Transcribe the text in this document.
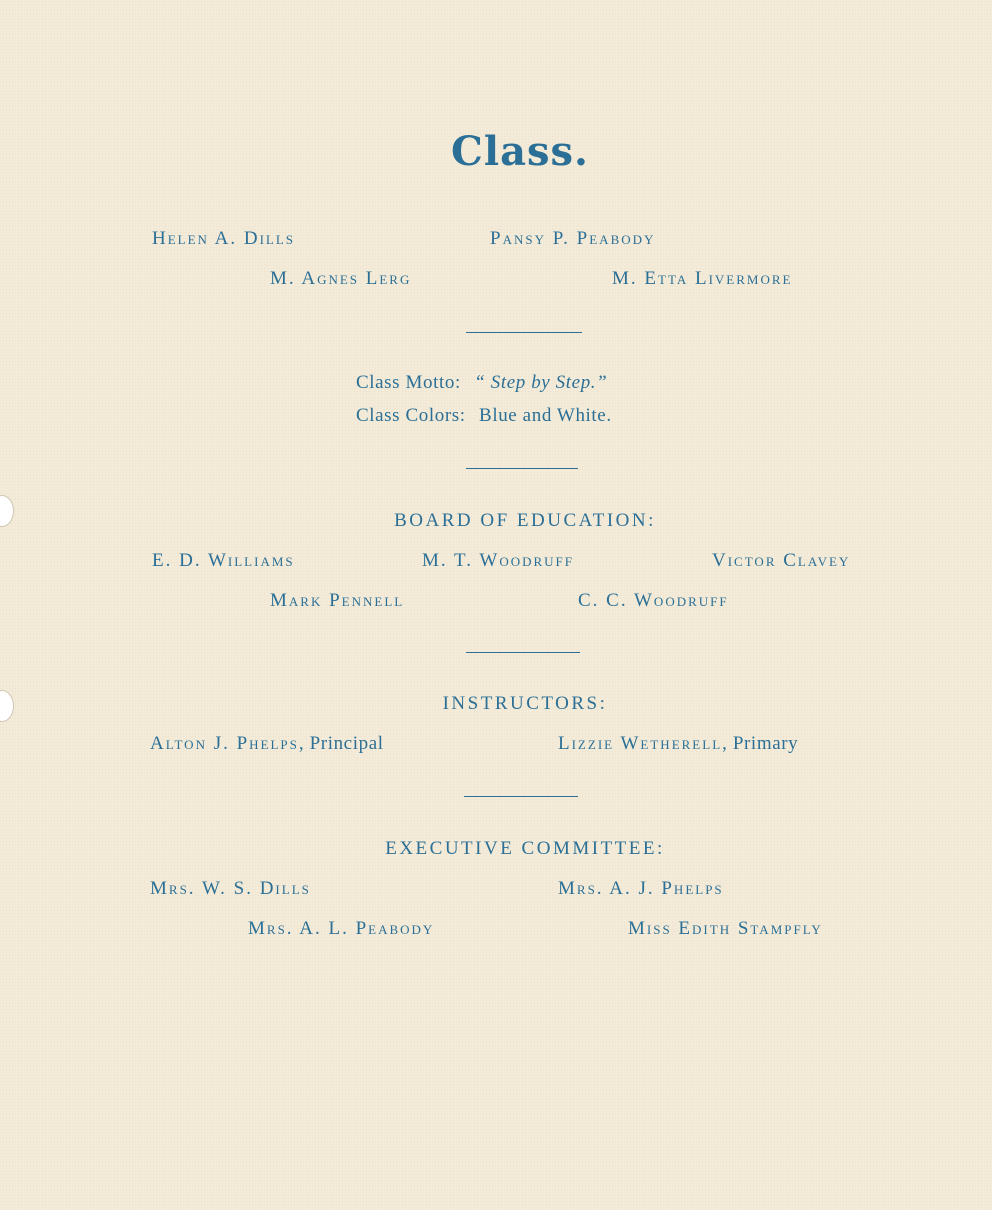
Class.
Helen A. Dills	Pansy P. Peabody
M. Agnes Lerg	M. Etta Livermore
Class Motto: “ Step by Step.”
Class Colors: Blue and White.
BOARD OF EDUCATION:
E. D. Williams	M. T. Woodruff	Victor Clavey
Mark Pennell	C. C. Woodruff
INSTRUCTORS:
Alton J. Phelps, Principal	Lizzie Wetherell, Primary
EXECUTIVE COMMITTEE:
Mrs. W. S. Dills	Mrs. A. J. Phelps
Mrs. A. L. Peabody	Miss Edith Stampfly
